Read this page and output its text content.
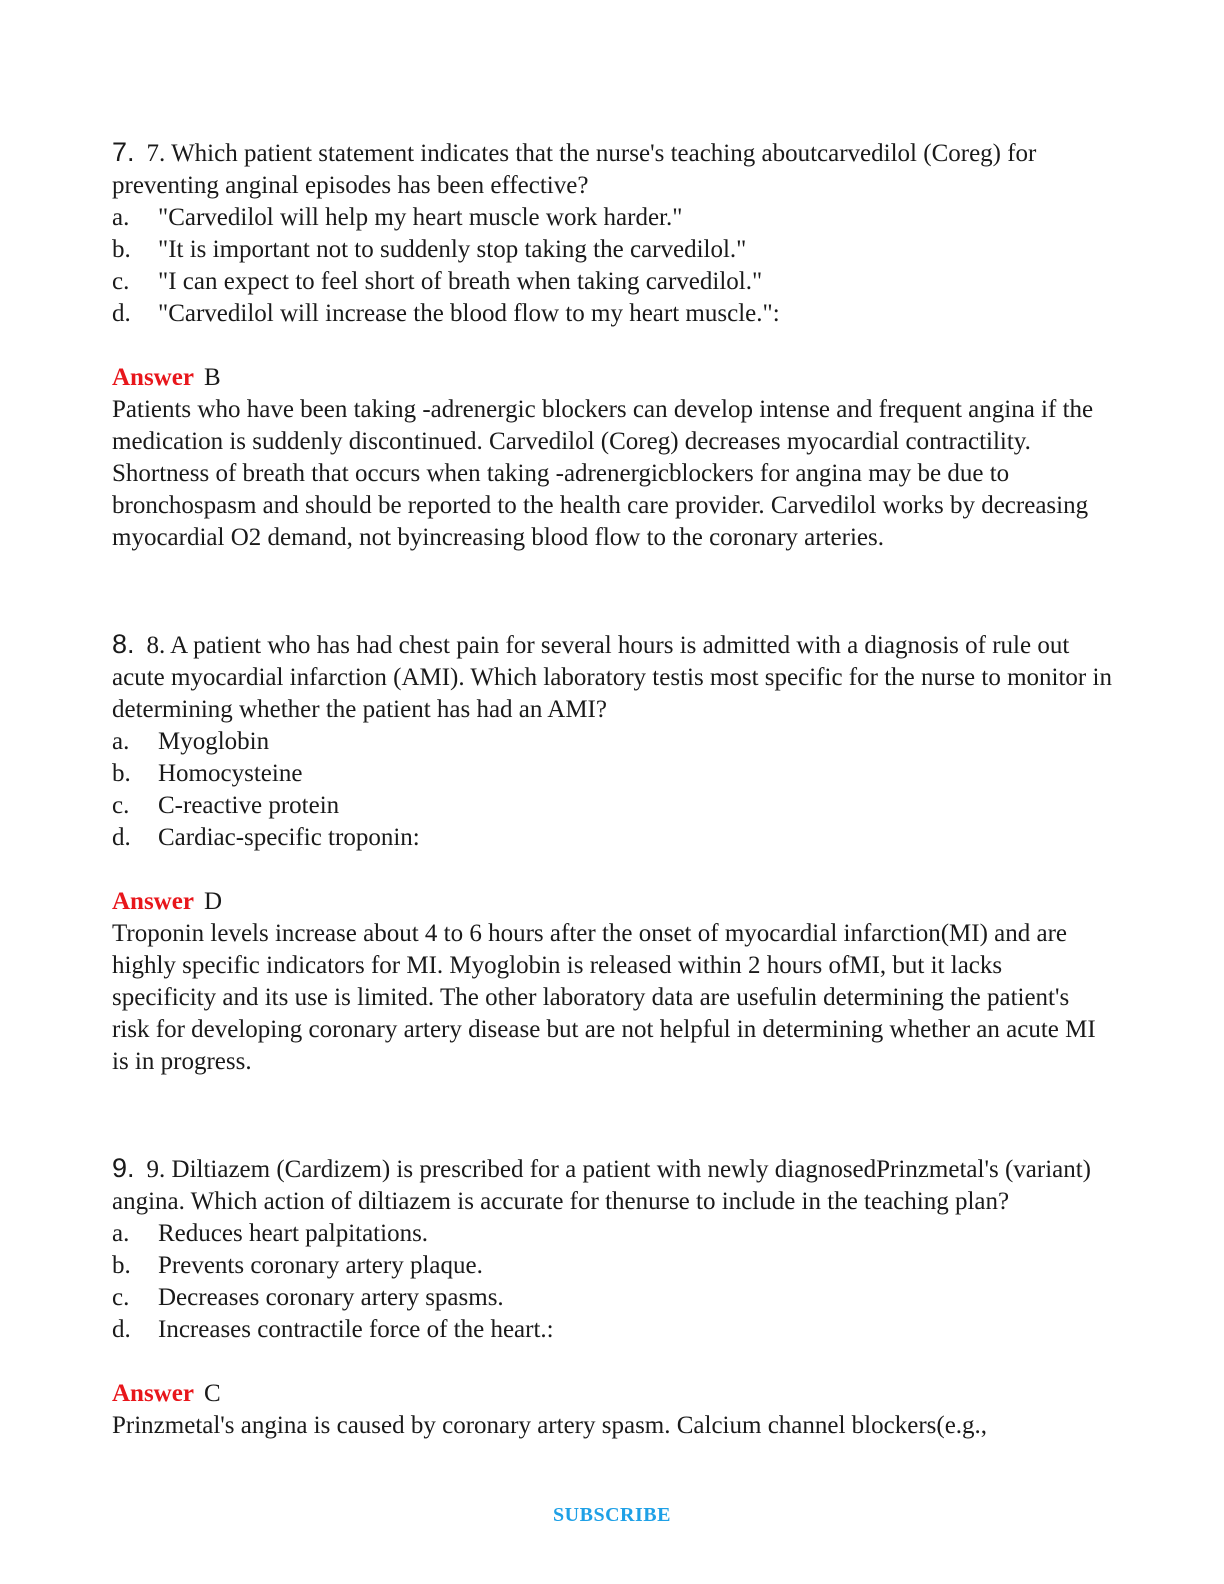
7. 7. Which patient statement indicates that the nurse's teaching aboutcarvedilol (Coreg) for preventing anginal episodes has been effective?

a.	"Carvedilol will help my heart muscle work harder."
b.	"It is important not to suddenly stop taking the carvedilol."
c.	"I can expect to feel short of breath when taking carvedilol."
d.	"Carvedilol will increase the blood flow to my heart muscle.":
Answer B

Patients who have been taking -adrenergic blockers can develop intense and frequent angina if the medication is suddenly discontinued. Carvedilol (Coreg) decreases myocardial contractility. Shortness of breath that occurs when taking -adrenergicblockers for angina may be due to bronchospasm and should be reported to the health care provider. Carvedilol works by decreasing myocardial O2 demand, not byincreasing blood flow to the coronary arteries.

8. 8. A patient who has had chest pain for several hours is admitted with a diagnosis of rule out acute myocardial infarction (AMI). Which laboratory testis most specific for the nurse to monitor in determining whether the patient has had an AMI?

a.	Myoglobin
b.	Homocysteine
c.	C-reactive protein
d.	Cardiac-specific troponin:
Answer D

Troponin levels increase about 4 to 6 hours after the onset of myocardial infarction(MI) and are highly specific indicators for MI. Myoglobin is released within 2 hours ofMI, but it lacks specificity and its use is limited. The other laboratory data are usefulin determining the patient's risk for developing coronary artery disease but are not helpful in determining whether an acute MI is in progress.

9. 9. Diltiazem (Cardizem) is prescribed for a patient with newly diagnosedPrinzmetal's (variant) angina. Which action of diltiazem is accurate for thenurse to include in the teaching plan?

a.	Reduces heart palpitations.
b.	Prevents coronary artery plaque.
c.	Decreases coronary artery spasms.
d.	Increases contractile force of the heart.:
Answer C

Prinzmetal's angina is caused by coronary artery spasm. Calcium channel blockers(e.g.,

SUBSCRIBE
